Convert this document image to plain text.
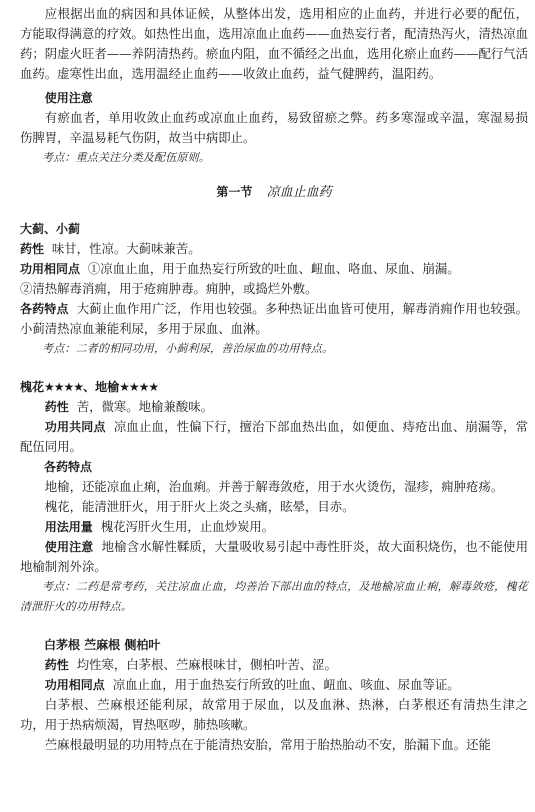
应根据出血的病因和具体证候，从整体出发，选用相应的止血药，并进行必要的配伍，方能取得满意的疗效。如热性出血，选用凉血止血药——血热妄行者，配清热泻火，清热凉血药；阴虚火旺者——养阴清热药。瘀血内阻，血不循经之出血，选用化瘀止血药——配行气活血药。虚寒性出血，选用温经止血药——收敛止血药，益气健脾药，温阳药。

使用注意

有瘀血者，单用收敛止血药或凉血止血药，易致留瘀之弊。药多寒湿或辛温，寒湿易损伤脾胃，辛温易耗气伤阴，故当中病即止。

考点：重点关注分类及配伍原则。

第一节 凉血止血药

大蓟、小蓟

药性 味甘，性凉。大蓟味兼苦。

功用相同点 ①凉血止血，用于血热妄行所致的吐血、衄血、咯血、尿血、崩漏。

②清热解毒消痈，用于疮痈肿毒。痈肿，或捣烂外敷。

各药特点 大蓟止血作用广泛，作用也较强。多种热证出血皆可使用，解毒消痈作用也较强。小蓟清热凉血兼能利尿，多用于尿血、血淋。

考点：二者的相同功用，小蓟利尿，善治尿血的功用特点。

槐花★★★★、地榆★★★★

药性 苦，微寒。地榆兼酸味。

功用共同点 凉血止血，性偏下行，擅治下部血热出血，如便血、痔疮出血、崩漏等，常配伍同用。

各药特点

地榆，还能凉血止痢，治血痢。并善于解毒敛疮，用于水火烫伤，湿疹，痈肿疮疡。

槐花，能清泄肝火，用于肝火上炎之头痛，眩晕，目赤。

用法用量 槐花泻肝火生用，止血炒炭用。

使用注意 地榆含水解性鞣质，大量吸收易引起中毒性肝炎，故大面积烧伤，也不能使用地榆制剂外涂。

考点：二药是常考药，关注凉血止血，均善治下部出血的特点，及地榆凉血止痢，解毒敛疮，槐花清泄肝火的功用特点。

白茅根 苎麻根 侧柏叶

药性 均性寒，白茅根、苎麻根味甘，侧柏叶苦、涩。

功用相同点 凉血止血，用于血热妄行所致的吐血、衄血、咳血、尿血等证。

白茅根、苎麻根还能利尿，故常用于尿血，以及血淋、热淋，白茅根还有清热生津之功，用于热病烦渴，胃热呕哕，肺热咳嗽。

苎麻根最明显的功用特点在于能清热安胎，常用于胎热胎动不安，胎漏下血。还能
